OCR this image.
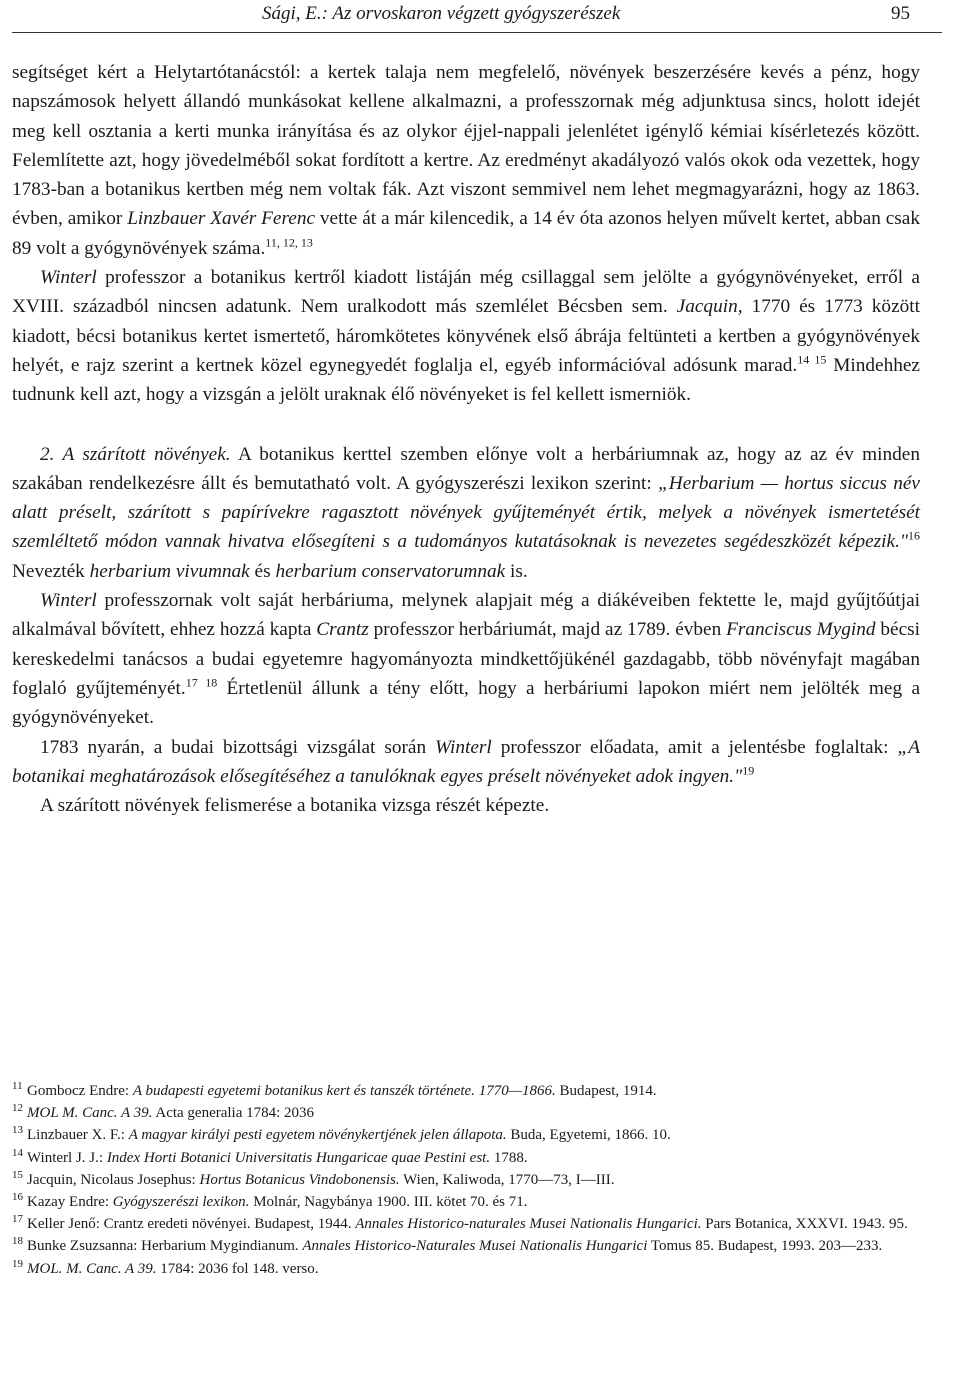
Sági, E.: Az orvoskaron végzett gyógyszerészek	95

segítséget kért a Helytartótanácstól: a kertek talaja nem megfelelő, növények beszerzésére kevés a pénz, hogy napszámosok helyett állandó munkásokat kellene alkalmazni, a professzornak még adjunktusa sincs, holott idejét meg kell osztania a kerti munka irányítása és az olykor éjjel-nappali jelenlétet igénylő kémiai kísérletezés között. Felemlítette azt, hogy jövedelméből sokat fordított a kertre. Az eredményt akadályozó valós okok oda vezettek, hogy 1783-ban a botanikus kertben még nem voltak fák. Azt viszont semmivel nem lehet megmagyarázni, hogy az 1863. évben, amikor Linzbauer Xavér Ferenc vette át a már kilencedik, a 14 év óta azonos helyen művelt kertet, abban csak 89 volt a gyógynövények száma.$^{11, 12, 13}$

Winterl professzor a botanikus kertről kiadott listáján még csillaggal sem jelölte a gyógynövényeket, erről a XVIII. századból nincsen adatunk. Nem uralkodott más szemlélet Bécsben sem. Jacquin, 1770 és 1773 között kiadott, bécsi botanikus kertet ismertető, háromkötetes könyvének első ábrája feltünteti a kertben a gyógynövények helyét, e rajz szerint a kertnek közel egynegyedét foglalja el, egyéb információval adósunk marad.$^{14 15}$ Mindehhez tudnunk kell azt, hogy a vizsgán a jelölt uraknak élő növényeket is fel kellett ismerniök.

2. A szárított növények. A botanikus kerttel szemben előnye volt a herbáriumnak az, hogy az az év minden szakában rendelkezésre állt és bemutatható volt. A gyógyszerészi lexikon szerint: „Herbarium — hortus siccus név alatt préselt, szárított s papírívekre ragasztott növények gyűjteményét értik, melyek a növények ismertetését szemléltető módon vannak hivatva elősegíteni s a tudományos kutatásoknak is nevezetes segédeszközét képezik."$^{16}$ Nevezték herbarium vivumnak és herbarium conservatorumnak is.

Winterl professzornak volt saját herbáriuma, melynek alapjait még a diákéveiben fektette le, majd gyűjtőútjai alkalmával bővített, ehhez hozzá kapta Crantz professzor herbáriumát, majd az 1789. évben Franciscus Mygind bécsi kereskedelmi tanácsos a budai egyetemre hagyományozta mindkettőjükénél gazdagabb, több növényfajt magában foglaló gyűjteményét.$^{17 18}$ Értetlenül állunk a tény előtt, hogy a herbáriumi lapokon miért nem jelölték meg a gyógynövényeket.

1783 nyarán, a budai bizottsági vizsgálat során Winterl professzor előadata, amit a jelentésbe foglaltak: „A botanikai meghatározások elősegítéséhez a tanulóknak egyes préselt növényeket adok ingyen."$^{19}$

A szárított növények felismerése a botanika vizsga részét képezte.

11 Gombocz Endre: A budapesti egyetemi botanikus kert és tanszék története. 1770—1866. Budapest, 1914.
12 MOL M. Canc. A 39. Acta generalia 1784: 2036
13 Linzbauer X. F.: A magyar királyi pesti egyetem növénykertjének jelen állapota. Buda, Egyetemi, 1866. 10.
14 Winterl J. J.: Index Horti Botanici Universitatis Hungaricae quae Pestini est. 1788.
15 Jacquin, Nicolaus Josephus: Hortus Botanicus Vindobonensis. Wien, Kaliwoda, 1770—73, I—III.
16 Kazay Endre: Gyógyszerészi lexikon. Molnár, Nagybánya 1900. III. kötet 70. és 71.
17 Keller Jenő: Crantz eredeti növényei. Budapest, 1944. Annales Historico-naturales Musei Nationalis Hungarici. Pars Botanica, XXXVI. 1943. 95.
18 Bunke Zsuzsanna: Herbarium Mygindianum. Annales Historico-Naturales Musei Nationalis Hungarici Tomus 85. Budapest, 1993. 203—233.
19 MOL. M. Canc. A 39. 1784: 2036 fol 148. verso.
